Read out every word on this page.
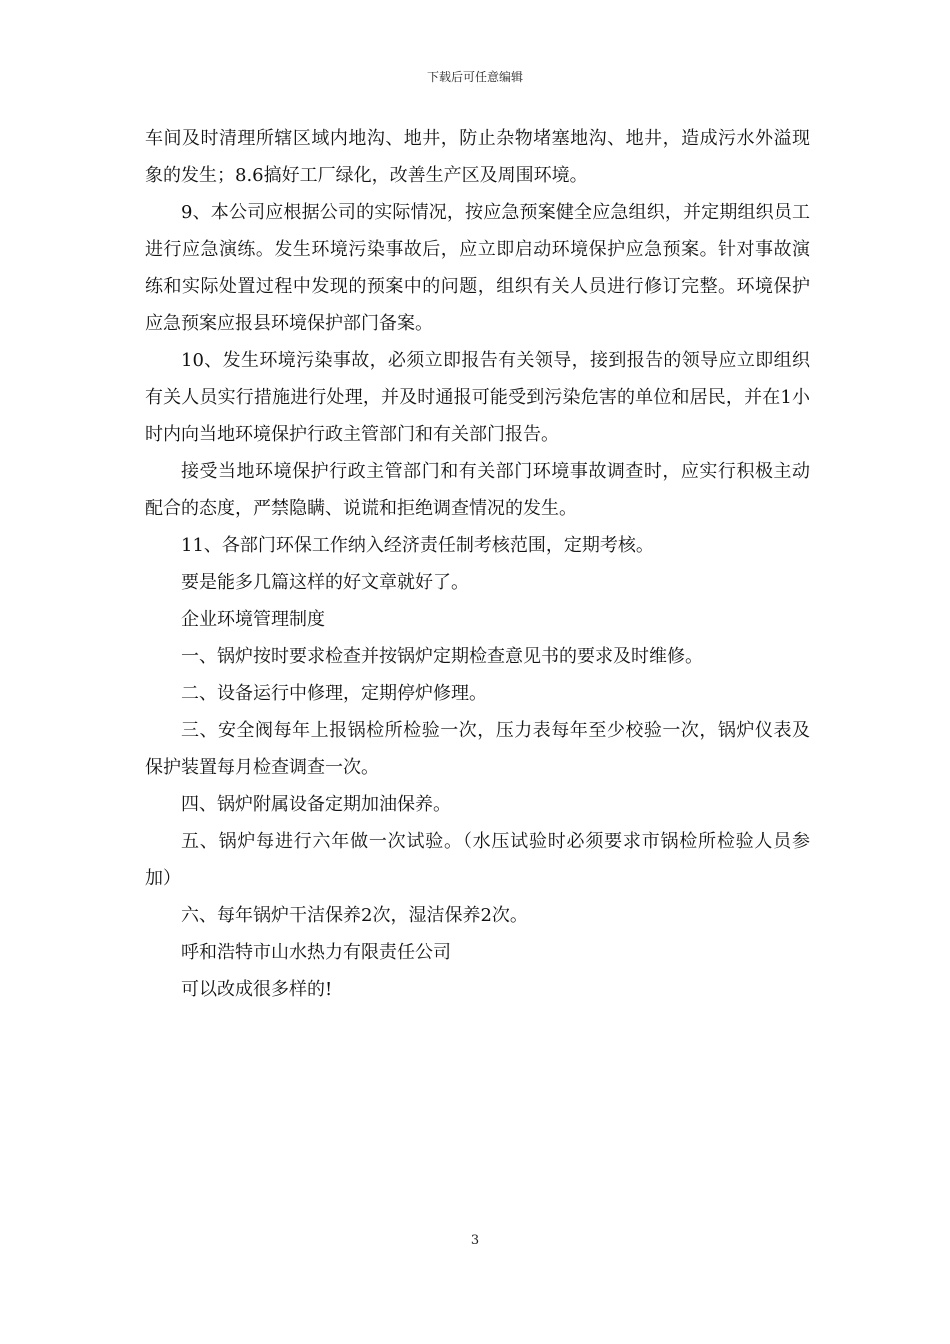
下载后可任意编辑

车间及时清理所辖区域内地沟、地井，防止杂物堵塞地沟、地井，造成污水外溢现象的发生；8.6搞好工厂绿化，改善生产区及周围环境。

9、本公司应根据公司的实际情况，按应急预案健全应急组织，并定期组织员工进行应急演练。发生环境污染事故后，应立即启动环境保护应急预案。针对事故演练和实际处置过程中发现的预案中的问题，组织有关人员进行修订完整。环境保护应急预案应报县环境保护部门备案。

10、发生环境污染事故，必须立即报告有关领导，接到报告的领导应立即组织有关人员实行措施进行处理，并及时通报可能受到污染危害的单位和居民，并在1小时内向当地环境保护行政主管部门和有关部门报告。

接受当地环境保护行政主管部门和有关部门环境事故调查时，应实行积极主动配合的态度，严禁隐瞒、说谎和拒绝调查情况的发生。

11、各部门环保工作纳入经济责任制考核范围，定期考核。

要是能多几篇这样的好文章就好了。

企业环境管理制度

一、锅炉按时要求检查并按锅炉定期检查意见书的要求及时维修。

二、设备运行中修理，定期停炉修理。

三、安全阀每年上报锅检所检验一次，压力表每年至少校验一次，锅炉仪表及保护装置每月检查调查一次。

四、锅炉附属设备定期加油保养。

五、锅炉每进行六年做一次试验。（水压试验时必须要求市锅检所检验人员参加）

六、每年锅炉干洁保养2次，湿洁保养2次。

呼和浩特市山水热力有限责任公司

可以改成很多样的!

3
